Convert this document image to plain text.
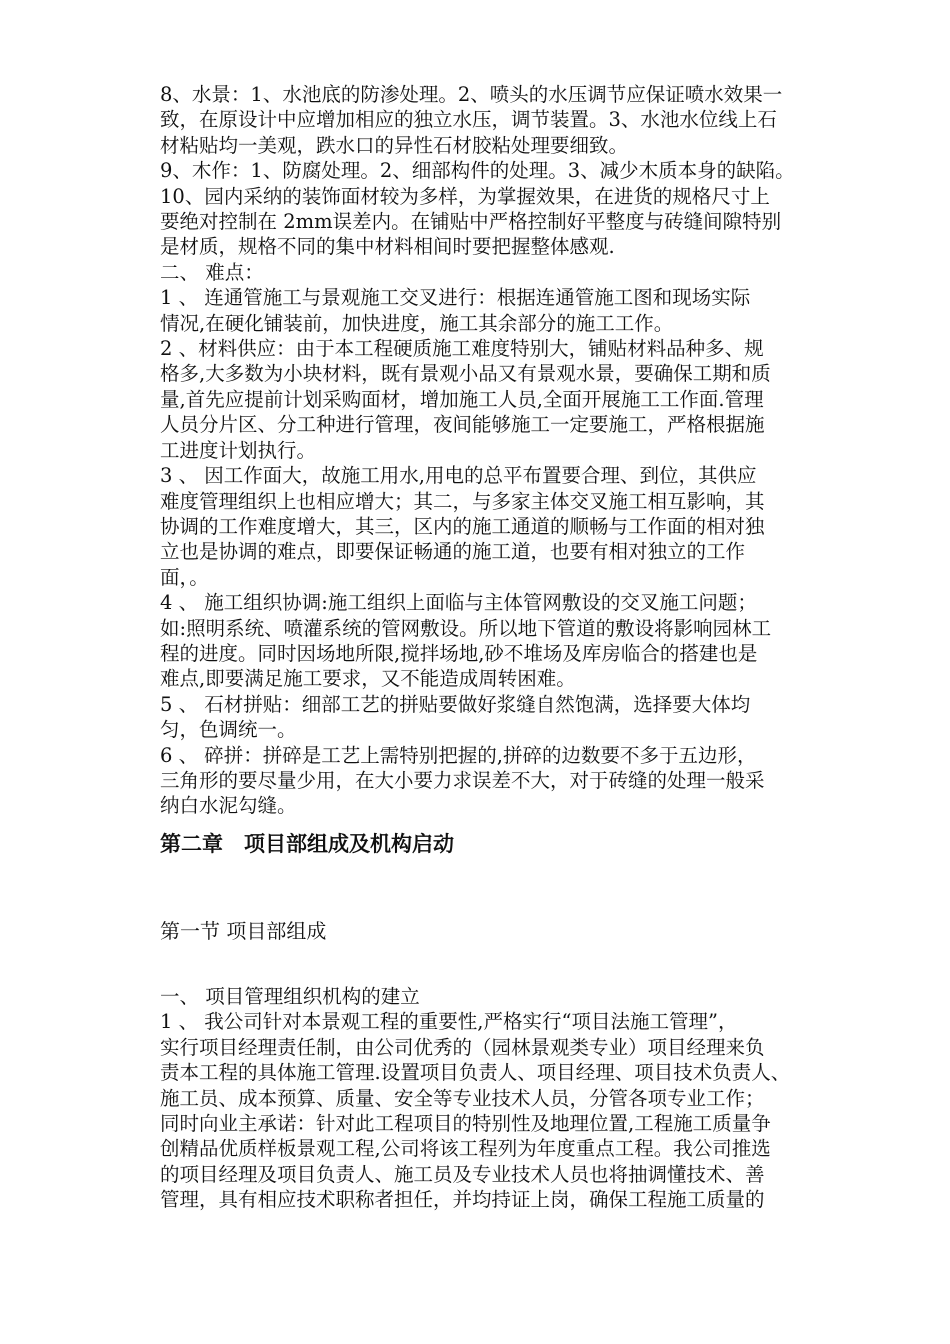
8、水景：1、水池底的防渗处理。2、喷头的水压调节应保证喷水效果一
致，在原设计中应增加相应的独立水压，调节装置。3、水池水位线上石
材粘贴均一美观，跌水口的异性石材胶粘处理要细致。
9、木作：1、防腐处理。2、细部构件的处理。3、减少木质本身的缺陷。
10、园内采纳的装饰面材较为多样，为掌握效果，在进货的规格尺寸上
要绝对控制在 2mm误差内。在铺贴中严格控制好平整度与砖缝间隙特别
是材质，规格不同的集中材料相间时要把握整体感观.
二、 难点：
1 、 连通管施工与景观施工交叉进行：根据连通管施工图和现场实际
情况,在硬化铺装前，加快进度，施工其余部分的施工工作。
2 、材料供应：由于本工程硬质施工难度特别大，铺贴材料品种多、规
格多,大多数为小块材料，既有景观小品又有景观水景，要确保工期和质
量,首先应提前计划采购面材，增加施工人员,全面开展施工工作面.管理
人员分片区、分工种进行管理，夜间能够施工一定要施工，严格根据施
工进度计划执行。
3 、 因工作面大，故施工用水,用电的总平布置要合理、到位，其供应
难度管理组织上也相应增大；其二，与多家主体交叉施工相互影响，其
协调的工作难度增大，其三，区内的施工通道的顺畅与工作面的相对独
立也是协调的难点，即要保证畅通的施工道，也要有相对独立的工作
面，。
4 、 施工组织协调:施工组织上面临与主体管网敷设的交叉施工问题；
如:照明系统、喷灌系统的管网敷设。所以地下管道的敷设将影响园林工
程的进度。同时因场地所限,搅拌场地,砂不堆场及库房临合的搭建也是
难点,即要满足施工要求，又不能造成周转困难。
5 、 石材拼贴：细部工艺的拼贴要做好浆缝自然饱满，选择要大体均
匀，色调统一。
6 、 碎拼：拼碎是工艺上需特别把握的,拼碎的边数要不多于五边形，
三角形的要尽量少用，在大小要力求误差不大，对于砖缝的处理一般采
纳白水泥勾缝。
第二章　项目部组成及机构启动
第一节 项目部组成
一、 项目管理组织机构的建立
1 、 我公司针对本景观工程的重要性,严格实行“项目法施工管理”，
实行项目经理责任制，由公司优秀的（园林景观类专业）项目经理来负
责本工程的具体施工管理.设置项目负责人、项目经理、项目技术负责人、
施工员、成本预算、质量、安全等专业技术人员，分管各项专业工作；
同时向业主承诺：针对此工程项目的特别性及地理位置,工程施工质量争
创精品优质样板景观工程,公司将该工程列为年度重点工程。我公司推选
的项目经理及项目负责人、施工员及专业技术人员也将抽调懂技术、善
管理，具有相应技术职称者担任，并均持证上岗，确保工程施工质量的
